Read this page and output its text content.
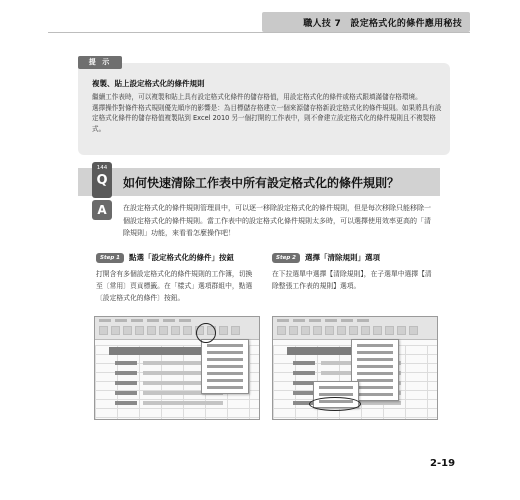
職人技 7　設定格式化的條件應用秘技
提 示
複製、貼上設定格式化的條件規則

繼續工作表時，可以複製和貼上具有設定格式化條件的儲存格值，用設定格式化的條件或格式跟填滿儲存格環境。

選擇操作對條件格式規則優先順序的影響是：為目標儲存格建立一個來源儲存格新設定格式化的條件規則。如果將具有設定格式化條件的儲存格值複製貼到 Excel 2010 另一個打開的工作表中，則不會建立設定格式化的條件規則且不複製格式。

144
Q	如何快速清除工作表中所有設定格式化的條件規則？
A	在設定格式化的條件規則管理員中，可以逐一移除設定格式化的條件規則，但是每次移除只能移除一個設定格式化的條件規則。當工作表中的設定格式化條件規則太多時，可以選擇使用效率更高的「清除規則」功能，來看看怎麼操作吧！
Step 1	點選「設定格式化的條件」按鈕
打開含有多個設定格式化的條件規則的工作簿，切換至〔常用〕頁貢標籤。在「樣式」選項群組中，點選〔設定格式化的條件〕按鈕。
Step 2	選擇「清除規則」選項
在下拉選單中選擇【清除規則】，在子選單中選擇【清除整張工作表的規則】選項。
2-19
